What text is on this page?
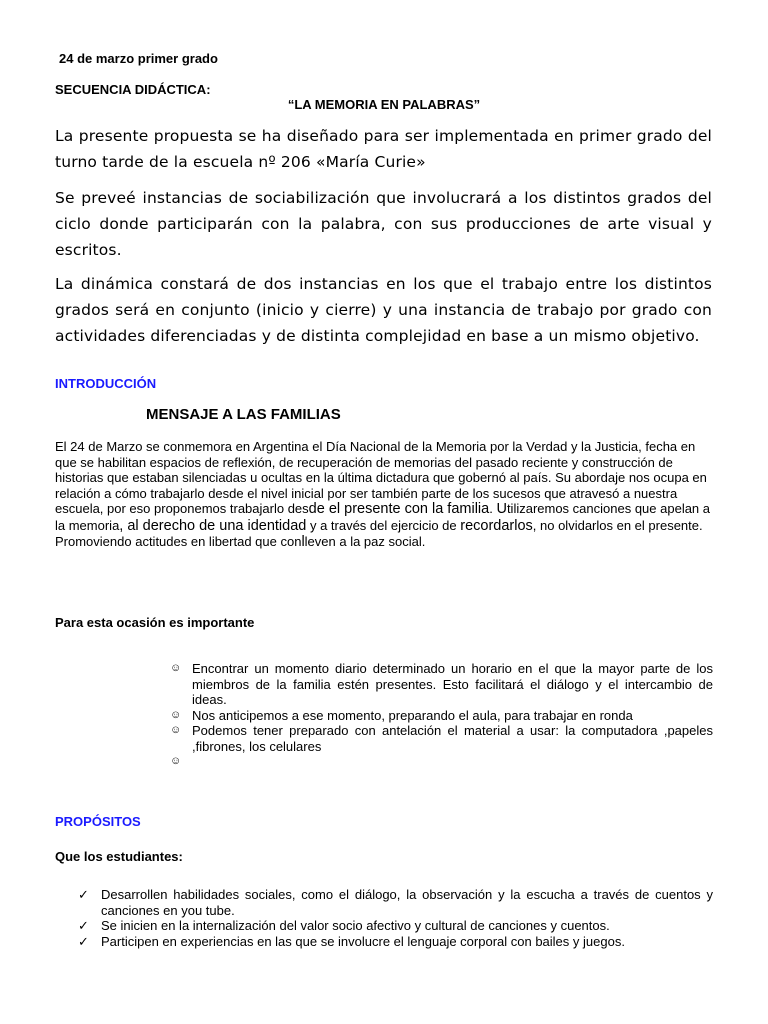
24 de marzo primer grado
SECUENCIA DIDÁCTICA:
“LA MEMORIA EN PALABRAS”
La presente propuesta se ha diseñado para ser implementada en primer grado del turno tarde de la escuela nº 206 «María Curie»
Se preveé instancias de sociabilización que involucrará a los distintos grados del ciclo donde participarán con la palabra, con sus producciones de arte visual y escritos.
La dinámica constará de dos instancias en los que el trabajo entre los distintos grados será en conjunto (inicio y cierre) y una instancia de trabajo por grado con actividades diferenciadas y de distinta complejidad en base a un mismo objetivo.
INTRODUCCIÓN
MENSAJE A LAS FAMILIAS
El 24 de Marzo se conmemora en Argentina el Día Nacional de la Memoria por la Verdad y la Justicia, fecha en que se habilitan espacios de reflexión, de recuperación de memorias del pasado reciente y construcción de historias que estaban silenciadas u ocultas en la última dictadura que gobernó al país. Su abordaje nos ocupa en relación a cómo trabajarlo desde el nivel inicial por ser también parte de los sucesos que atravesó a nuestra escuela, por eso proponemos trabajarlo desde el presente con la familia. Utilizaremos canciones que apelan a la memoria, al derecho de una identidad y a través del ejercicio de recordarlos, no olvidarlos en el presente. Promoviendo actitudes en libertad que conlleven a la paz social.
Para esta ocasión es importante
☺ Encontrar un momento diario determinado un horario en el que la mayor parte de los miembros de la familia estén presentes. Esto facilitará el diálogo y el intercambio de ideas.
☺ Nos anticipemos a ese momento, preparando el aula, para trabajar en ronda
☺ Podemos tener preparado con antelación el material a usar: la computadora ,papeles ,fibrones, los celulares
☺
PROPÓSITOS
Que los estudiantes:
✓ Desarrollen habilidades sociales, como el diálogo, la observación y la escucha a través de cuentos y canciones en you tube.
✓ Se inicien en la internalización del valor socio afectivo y cultural de canciones y cuentos.
✓ Participen en experiencias en las que se involucre el lenguaje corporal con bailes y juegos.
